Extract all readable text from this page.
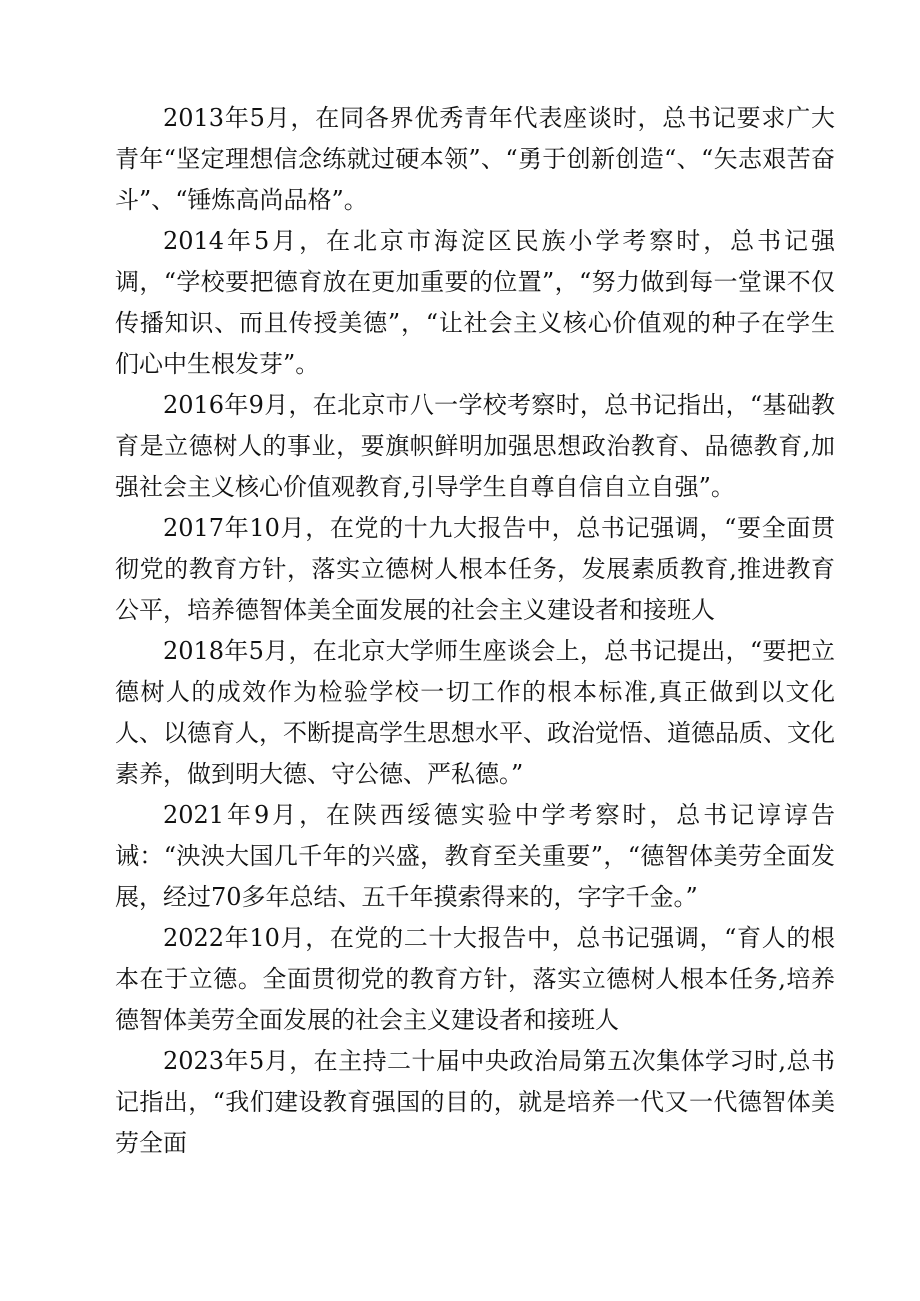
2013年5月，在同各界优秀青年代表座谈时，总书记要求广大青年“坚定理想信念练就过硬本领”、“勇于创新创造“、“矢志艰苦奋斗”、“锤炼高尚品格”。

2014年5月，在北京市海淀区民族小学考察时，总书记强调，“学校要把德育放在更加重要的位置”，“努力做到每一堂课不仅传播知识、而且传授美德”，“让社会主义核心价值观的种子在学生们心中生根发芽”。

2016年9月，在北京市八一学校考察时，总书记指出，“基础教育是立德树人的事业，要旗帜鲜明加强思想政治教育、品德教育,加强社会主义核心价值观教育,引导学生自尊自信自立自强”。

2017年10月，在党的十九大报告中，总书记强调，“要全面贯彻党的教育方针，落实立德树人根本任务，发展素质教育,推进教育公平，培养德智体美全面发展的社会主义建设者和接班人

2018年5月，在北京大学师生座谈会上，总书记提出，“要把立德树人的成效作为检验学校一切工作的根本标准,真正做到以文化人、以德育人，不断提高学生思想水平、政治觉悟、道德品质、文化素养，做到明大德、守公德、严私德。”

2021年9月，在陕西绥德实验中学考察时，总书记谆谆告诫：“泱泱大国几千年的兴盛，教育至关重要”，“德智体美劳全面发展，经过70多年总结、五千年摸索得来的，字字千金。”

2022年10月，在党的二十大报告中，总书记强调，“育人的根本在于立德。全面贯彻党的教育方针，落实立德树人根本任务,培养德智体美劳全面发展的社会主义建设者和接班人

2023年5月，在主持二十届中央政治局第五次集体学习时,总书记指出，“我们建设教育强国的目的，就是培养一代又一代德智体美劳全面
